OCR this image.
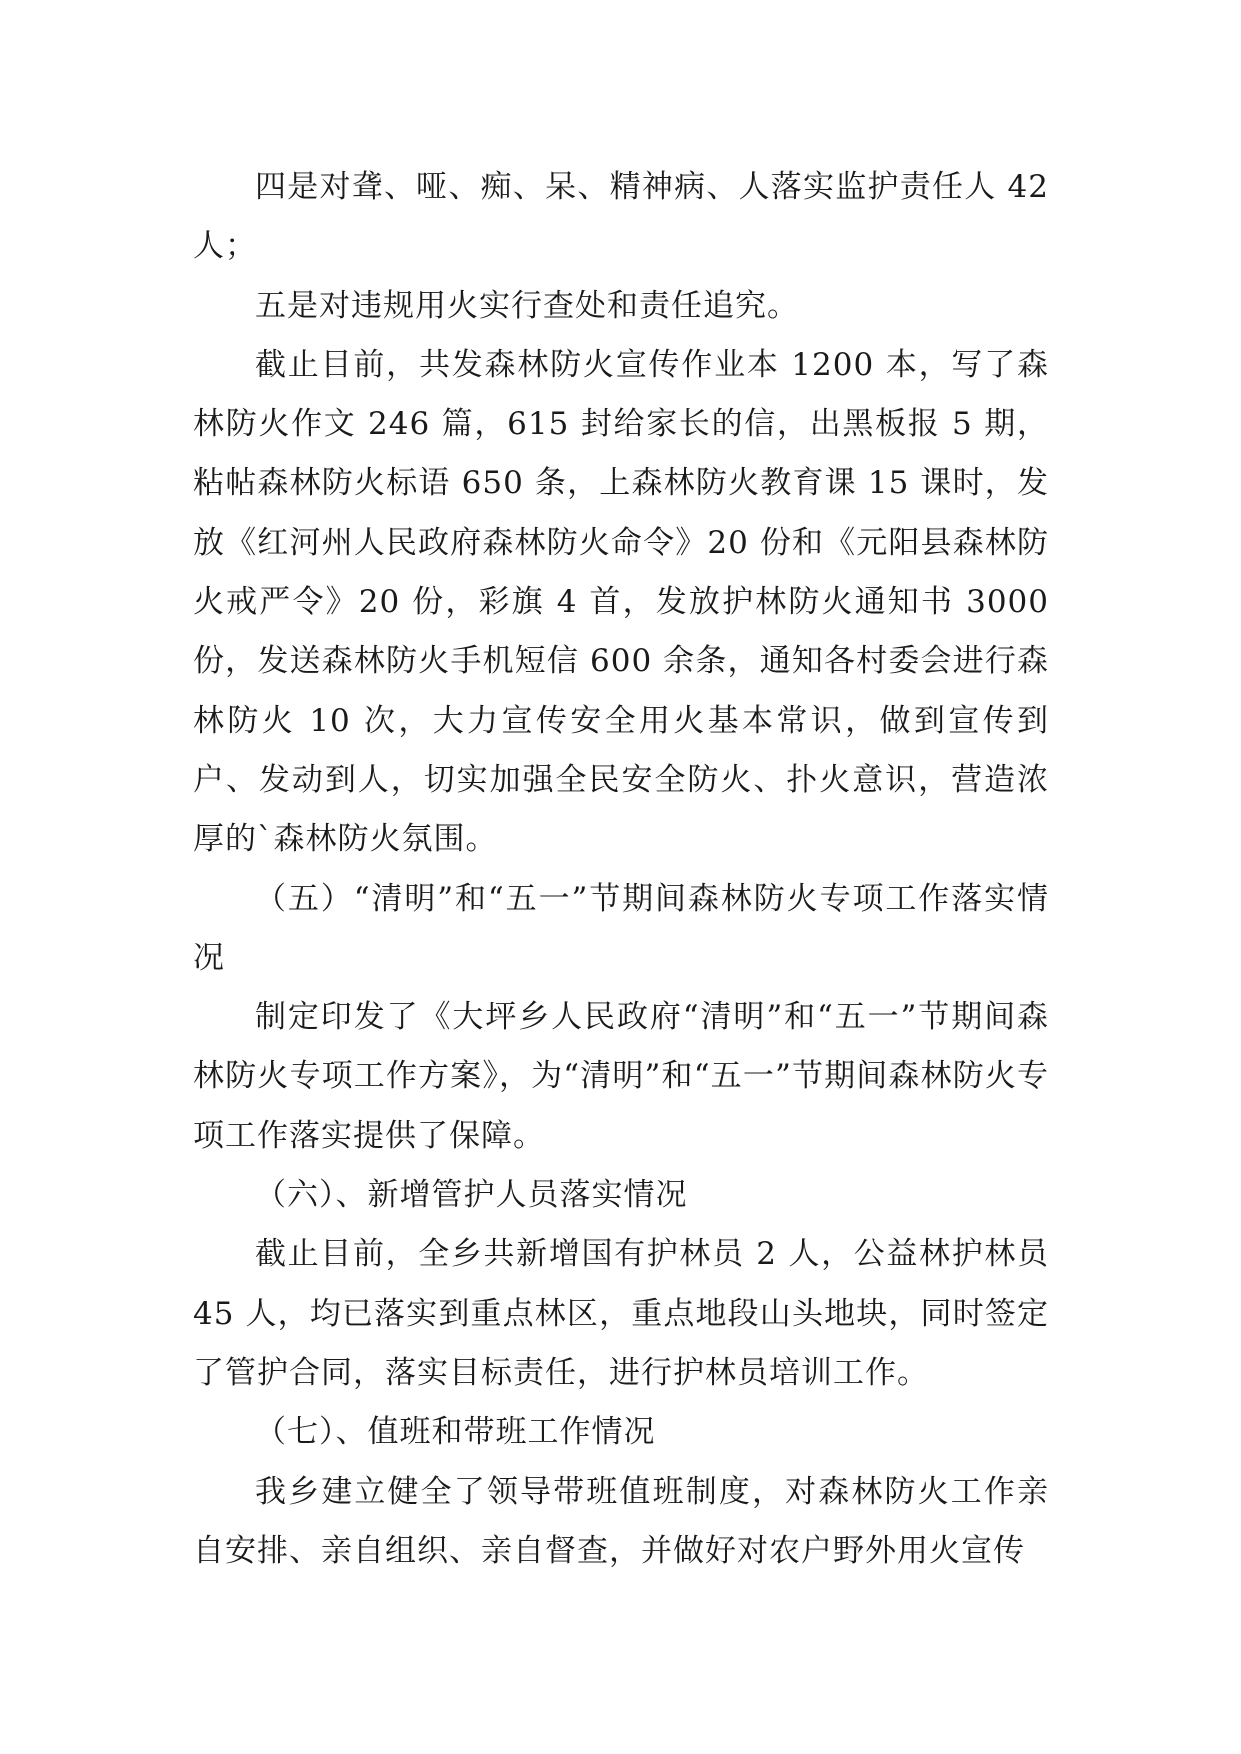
四是对聋、哑、痴、呆、精神病、人落实监护责任人 42 人；

五是对违规用火实行查处和责任追究。

截止目前，共发森林防火宣传作业本 1200 本，写了森林防火作文 246 篇，615 封给家长的信，出黑板报 5 期，粘帖森林防火标语 650 条，上森林防火教育课 15 课时，发放《红河州人民政府森林防火命令》20 份和《元阳县森林防火戒严令》20 份，彩旗 4 首，发放护林防火通知书 3000 份，发送森林防火手机短信 600 余条，通知各村委会进行森林防火 10 次，大力宣传安全用火基本常识，做到宣传到户、发动到人，切实加强全民安全防火、扑火意识，营造浓厚的`森林防火氛围。

（五）“清明”和“五一”节期间森林防火专项工作落实情况

制定印发了《大坪乡人民政府“清明”和“五一”节期间森林防火专项工作方案》，为“清明”和“五一”节期间森林防火专项工作落实提供了保障。

（六）、新增管护人员落实情况

截止目前，全乡共新增国有护林员 2 人，公益林护林员 45 人，均已落实到重点林区，重点地段山头地块，同时签定了管护合同，落实目标责任，进行护林员培训工作。

（七）、值班和带班工作情况

我乡建立健全了领导带班值班制度，对森林防火工作亲自安排、亲自组织、亲自督查，并做好对农户野外用火宣传
